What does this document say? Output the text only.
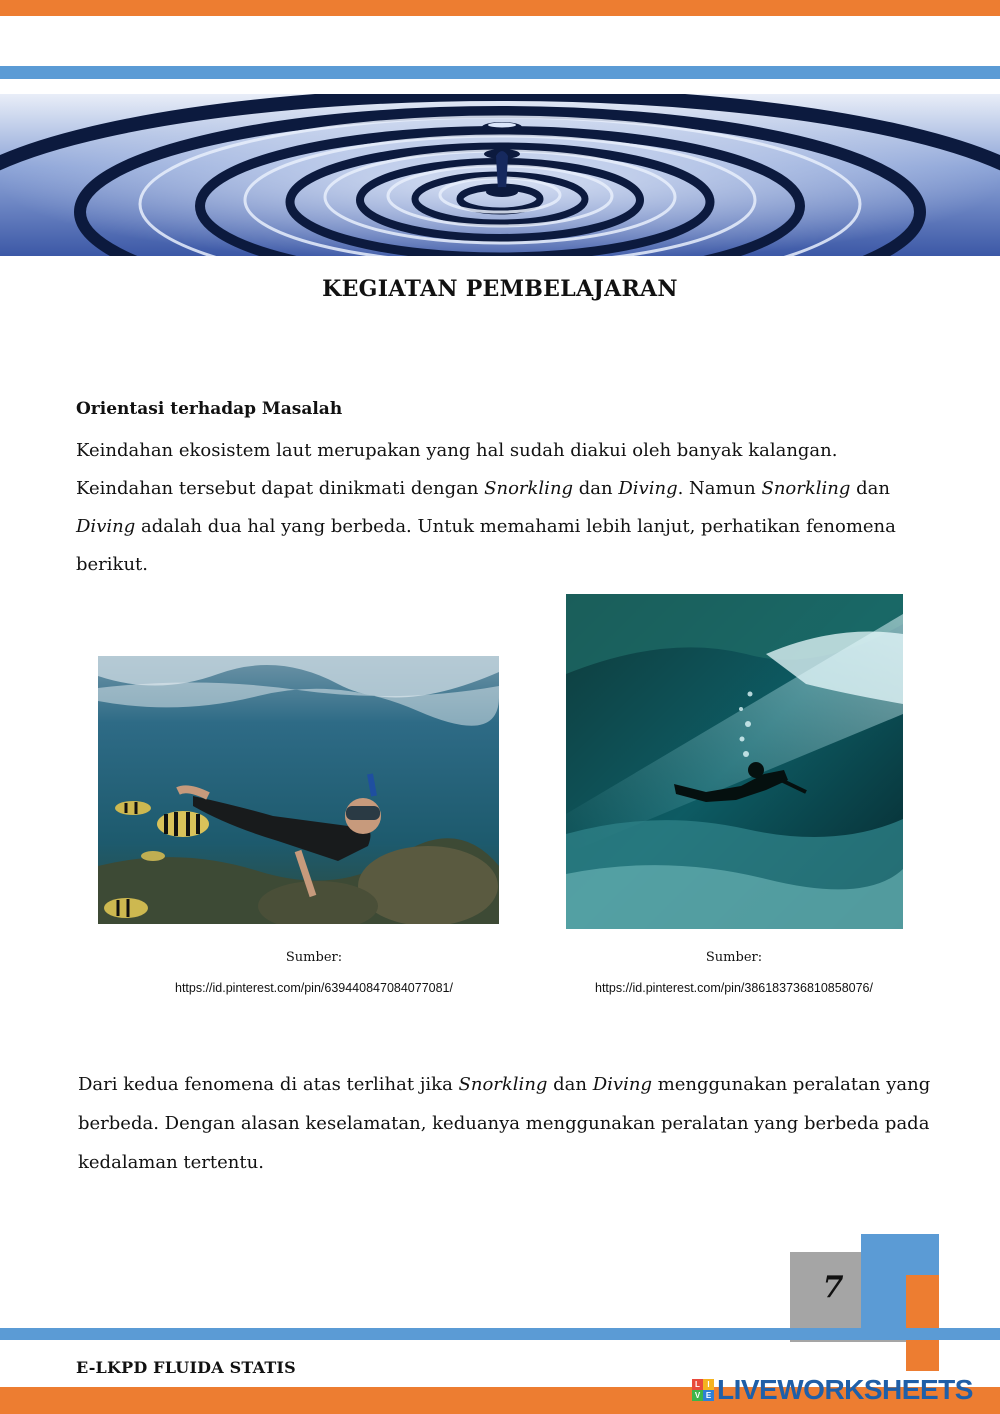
KEGIATAN PEMBELAJARAN
Orientasi terhadap Masalah
Keindahan ekosistem laut merupakan yang hal sudah diakui oleh banyak kalangan. Keindahan tersebut dapat dinikmati dengan Snorkling dan Diving. Namun Snorkling dan Diving adalah dua hal yang berbeda. Untuk memahami lebih lanjut, perhatikan fenomena berikut.
Sumber:
https://id.pinterest.com/pin/639440847084077081/
Sumber:
https://id.pinterest.com/pin/386183736810858076/
Dari kedua fenomena di atas terlihat jika Snorkling dan Diving menggunakan peralatan yang berbeda. Dengan alasan keselamatan, keduanya menggunakan peralatan yang berbeda pada kedalaman tertentu.
7
E-LKPD FLUIDA STATIS
L I
V E LIVEWORKSHEETS
